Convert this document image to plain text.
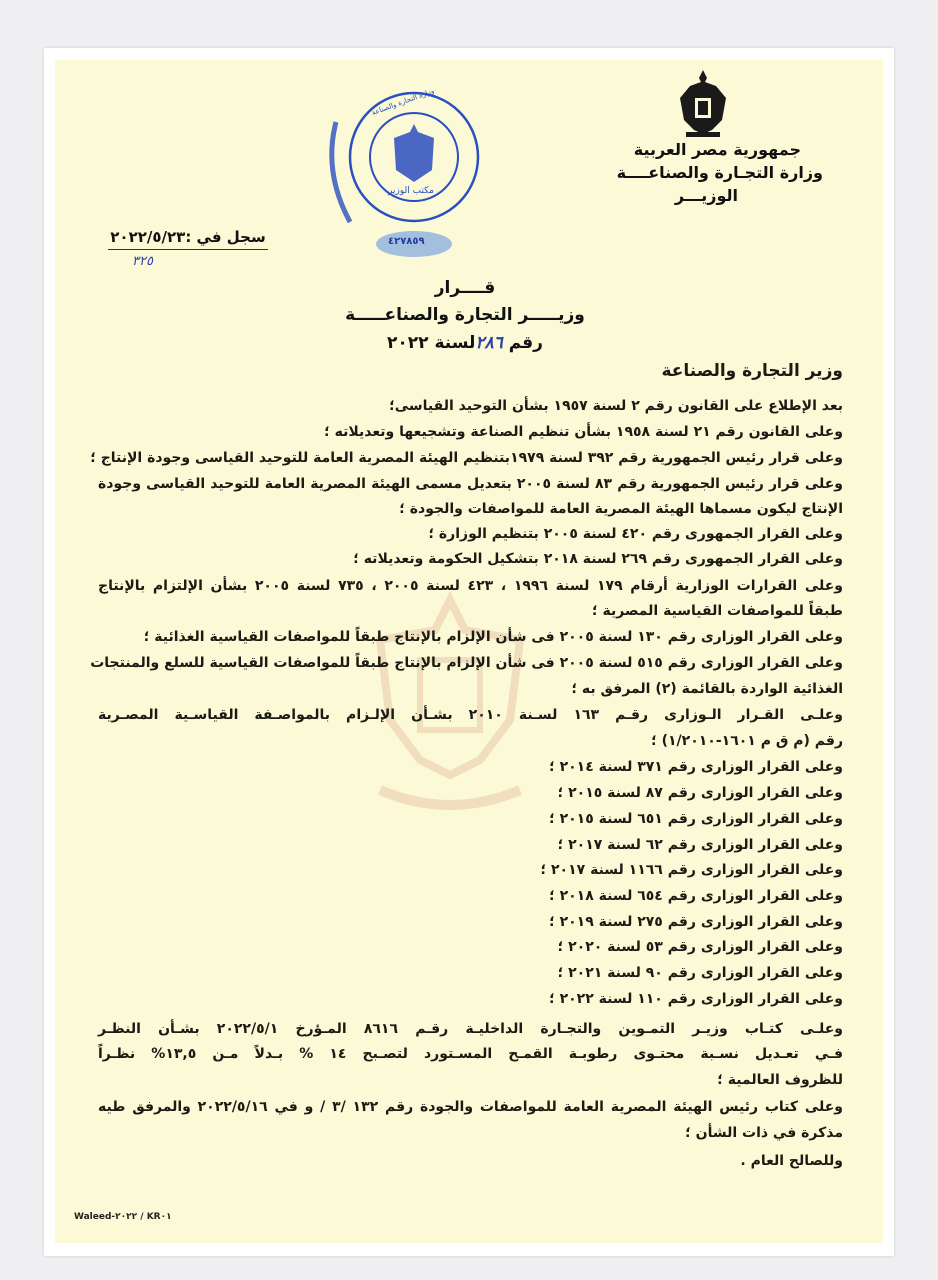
جمهورية مصر العربية
وزارة التجـارة والصناعــــة
الوزيـــر
وزارة التجارة والصناعة
مكتب الوزير
٤٢٧٨٥٩
سجل في :٢٠٢٢/٥/٢٣
٣٢٥
قــــرار
وزيـــــر التجارة والصناعـــــة
رقم ٢٨٦لسنة ٢٠٢٢
وزير التجارة والصناعة
بعد الإطلاع على القانون رقم ٢ لسنة ١٩٥٧ بشأن التوحيد القياسى؛
وعلى القانون رقم ٢١ لسنة ١٩٥٨ بشأن تنظيم الصناعة وتشجيعها وتعديلاته ؛
وعلى قرار رئيس الجمهورية رقم ٣٩٢ لسنة ١٩٧٩بتنظيم الهيئة المصرية العامة للتوحيد القياسى وجودة الإنتاج ؛
وعلى قرار رئيس الجمهورية رقم ٨٣ لسنة ٢٠٠٥ بتعديل مسمى الهيئة المصرية العامة للتوحيد القياسى وجودة
الإنتاج ليكون مسماها الهيئة المصرية العامة للمواصفات والجودة ؛
وعلى القرار الجمهورى رقم ٤٢٠ لسنة ٢٠٠٥ بتنظيم الوزارة ؛
وعلى القرار الجمهورى رقم ٢٦٩ لسنة ٢٠١٨ بتشكيل الحكومة وتعديلاته ؛
وعلى القرارات الوزارية أرقام ١٧٩ لسنة ١٩٩٦ ، ٤٢٣ لسنة ٢٠٠٥ ، ٧٣٥ لسنة ٢٠٠٥ بشأن الإلتزام بالإنتاج
طبقاً للمواصفات القياسية المصرية ؛
وعلى القرار الوزارى رقم ١٣٠ لسنة ٢٠٠٥ فى شأن الإلزام بالإنتاج طبقاً للمواصفات القياسية الغذائية ؛
وعلى القرار الوزارى رقم ٥١٥ لسنة ٢٠٠٥ فى شأن الإلزام بالإنتاج طبقاً للمواصفات القياسية للسلع والمنتجات
الغذائية الواردة بالقائمة (٢) المرفق به ؛
وعلـى القـرار الـوزارى رقـم ١٦٣ لسـنة ٢٠١٠ بشـأن الإلـزام بالمواصـفة القياسـية المصـرية
رقم (م ق م ١٦٠١-١/٢٠١٠) ؛
وعلى القرار الوزارى رقم ٣٧١ لسنة ٢٠١٤ ؛
وعلى القرار الوزارى رقم ٨٧ لسنة ٢٠١٥ ؛
وعلى القرار الوزارى رقم ٦٥١ لسنة ٢٠١٥ ؛
وعلى القرار الوزارى رقم ٦٢ لسنة ٢٠١٧ ؛
وعلى القرار الوزارى رقم ١١٦٦ لسنة ٢٠١٧ ؛
وعلى القرار الوزارى رقم ٦٥٤ لسنة ٢٠١٨ ؛
وعلى القرار الوزارى رقم ٢٧٥ لسنة ٢٠١٩ ؛
وعلى القرار الوزارى رقم ٥٣ لسنة ٢٠٢٠ ؛
وعلى القرار الوزارى رقم ٩٠ لسنة ٢٠٢١ ؛
وعلى القرار الوزارى رقم ١١٠ لسنة ٢٠٢٢ ؛
وعلـى كتـاب وزيـر التمـوين والتجـارة الداخليـة رقـم ٨٦١٦ المـؤرخ ٢٠٢٢/٥/١ بشـأن النظـر
فـي تعـديل نسـبة محتـوى رطوبـة القمـح المسـتورد لتصـبح ١٤ % بـدلاً مـن ١٣,٥% نظـراً
للظروف العالمية ؛
وعلى كتاب رئيس الهيئة المصرية العامة للمواصفات والجودة رقم ١٣٢ /٣ / و في ٢٠٢٢/٥/١٦ والمرفق طيه
مذكرة في ذات الشأن ؛
وللصالح العام .
Waleed-٢٠٢٢ / KR٠١
